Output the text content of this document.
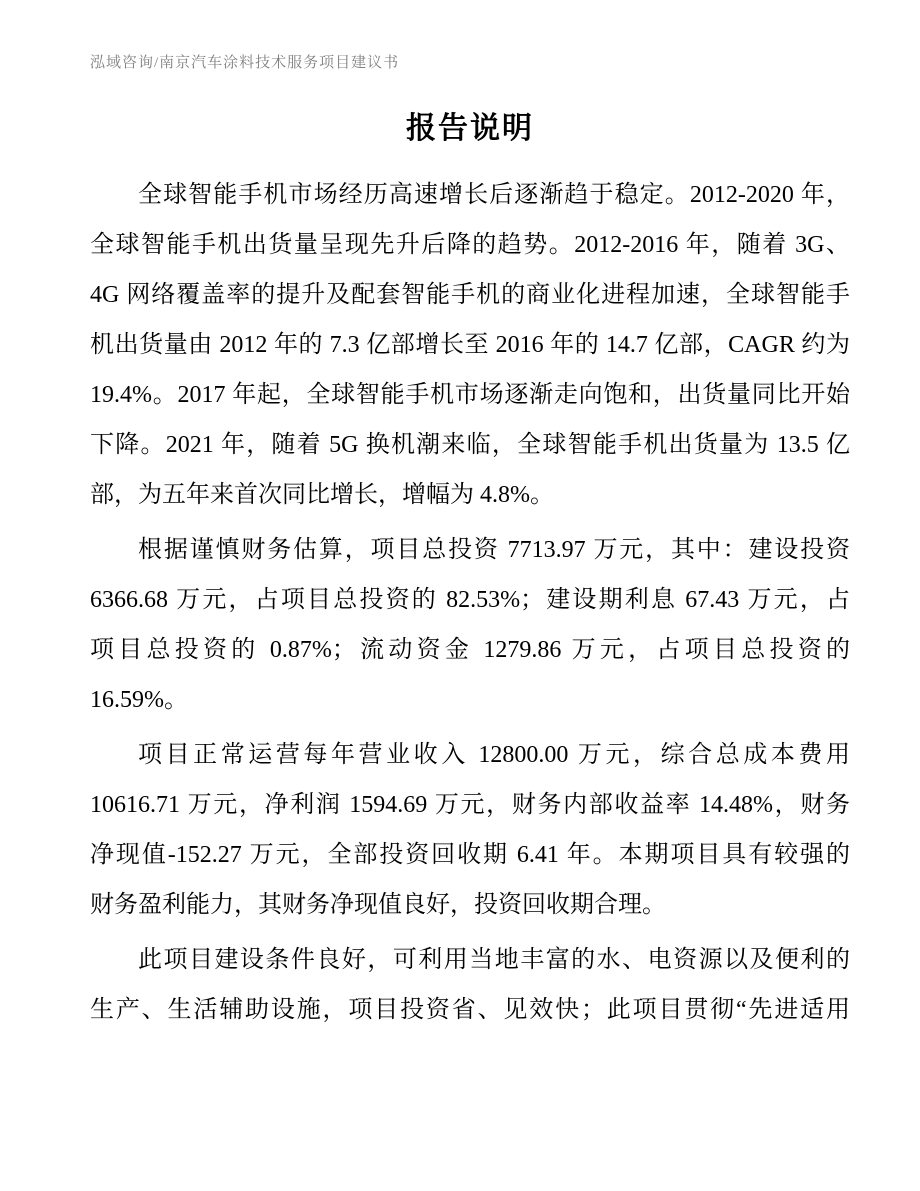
泓域咨询/南京汽车涂料技术服务项目建议书
报告说明
全球智能手机市场经历高速增长后逐渐趋于稳定。2012-2020 年，
全球智能手机出货量呈现先升后降的趋势。2012-2016 年，随着 3G、
4G 网络覆盖率的提升及配套智能手机的商业化进程加速，全球智能手
机出货量由 2012 年的 7.3 亿部增长至 2016 年的 14.7 亿部，CAGR 约为
19.4%。2017 年起，全球智能手机市场逐渐走向饱和，出货量同比开始
下降。2021 年，随着 5G 换机潮来临，全球智能手机出货量为 13.5 亿
部，为五年来首次同比增长，增幅为 4.8%。
根据谨慎财务估算，项目总投资 7713.97 万元，其中：建设投资
6366.68 万元，占项目总投资的 82.53%；建设期利息 67.43 万元，占
项目总投资的 0.87%；流动资金 1279.86 万元，占项目总投资的
16.59%。
项目正常运营每年营业收入 12800.00 万元，综合总成本费用
10616.71 万元，净利润 1594.69 万元，财务内部收益率 14.48%，财务
净现值-152.27 万元，全部投资回收期 6.41 年。本期项目具有较强的
财务盈利能力，其财务净现值良好，投资回收期合理。
此项目建设条件良好，可利用当地丰富的水、电资源以及便利的
生产、生活辅助设施，项目投资省、见效快；此项目贯彻“先进适用
